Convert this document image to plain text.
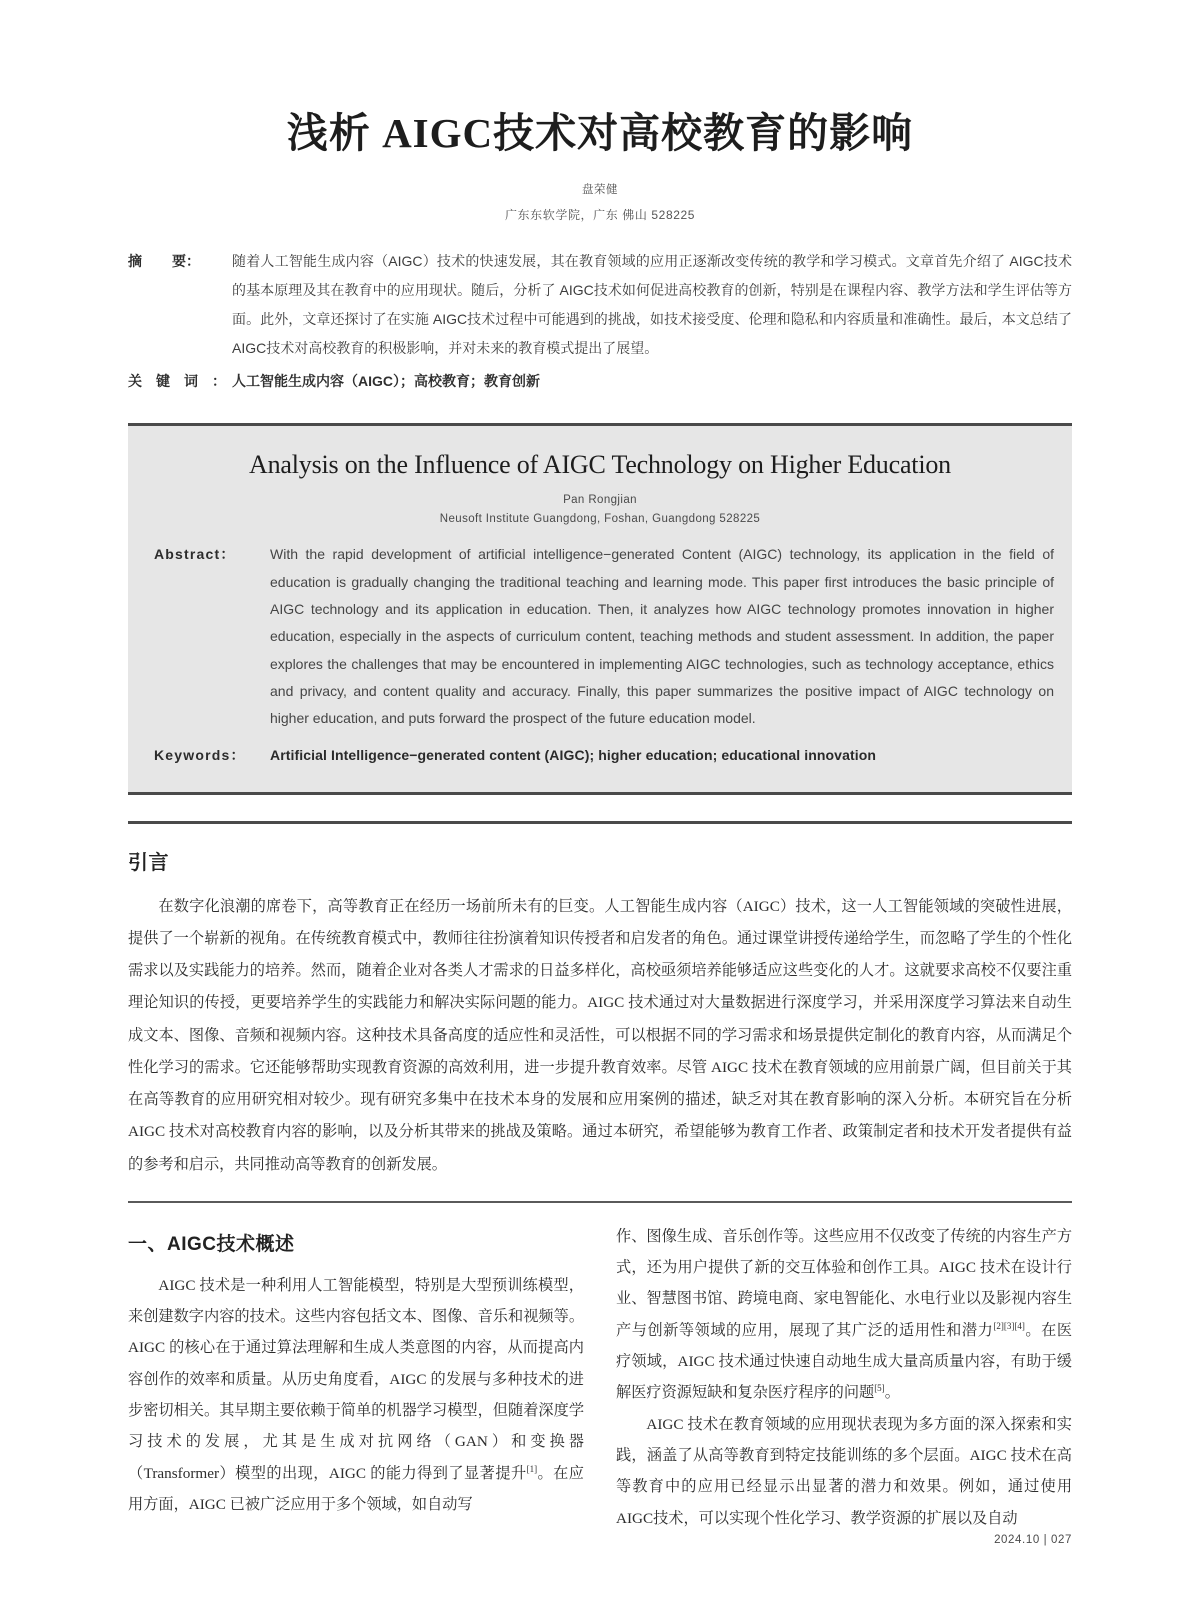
浅析 AIGC技术对高校教育的影响
盘荣健
广东东软学院，广东 佛山 528225
摘 要：	随着人工智能生成内容（AIGC）技术的快速发展，其在教育领域的应用正逐渐改变传统的教学和学习模式。文章首先介绍了 AIGC技术的基本原理及其在教育中的应用现状。随后，分析了 AIGC技术如何促进高校教育的创新，特别是在课程内容、教学方法和学生评估等方面。此外，文章还探讨了在实施 AIGC技术过程中可能遇到的挑战，如技术接受度、伦理和隐私和内容质量和准确性。最后，本文总结了 AIGC技术对高校教育的积极影响，并对未来的教育模式提出了展望。
关　键　词　： 人工智能生成内容（AIGC）；高校教育；教育创新
Analysis on the Influence of AIGC Technology on Higher Education
Pan Rongjian
Neusoft Institute Guangdong, Foshan, Guangdong 528225
Abstract：	With the rapid development of artificial intelligence−generated Content (AIGC) technology, its application in the field of education is gradually changing the traditional teaching and learning mode. This paper first introduces the basic principle of AIGC technology and its application in education. Then, it analyzes how AIGC technology promotes innovation in higher education, especially in the aspects of curriculum content, teaching methods and student assessment. In addition, the paper explores the challenges that may be encountered in implementing AIGC technologies, such as technology acceptance, ethics and privacy, and content quality and accuracy. Finally, this paper summarizes the positive impact of AIGC technology on higher education, and puts forward the prospect of the future education model.
Keywords：	Artificial Intelligence−generated content (AIGC); higher education; educational innovation
引言
在数字化浪潮的席卷下，高等教育正在经历一场前所未有的巨变。人工智能生成内容（AIGC）技术，这一人工智能领域的突破性进展，提供了一个崭新的视角。在传统教育模式中，教师往往扮演着知识传授者和启发者的角色。通过课堂讲授传递给学生，而忽略了学生的个性化需求以及实践能力的培养。然而，随着企业对各类人才需求的日益多样化，高校亟须培养能够适应这些变化的人才。这就要求高校不仅要注重理论知识的传授，更要培养学生的实践能力和解决实际问题的能力。AIGC 技术通过对大量数据进行深度学习，并采用深度学习算法来自动生成文本、图像、音频和视频内容。这种技术具备高度的适应性和灵活性，可以根据不同的学习需求和场景提供定制化的教育内容，从而满足个性化学习的需求。它还能够帮助实现教育资源的高效利用，进一步提升教育效率。尽管 AIGC 技术在教育领域的应用前景广阔，但目前关于其在高等教育的应用研究相对较少。现有研究多集中在技术本身的发展和应用案例的描述，缺乏对其在教育影响的深入分析。本研究旨在分析 AIGC 技术对高校教育内容的影响，以及分析其带来的挑战及策略。通过本研究，希望能够为教育工作者、政策制定者和技术开发者提供有益的参考和启示，共同推动高等教育的创新发展。
一、AIGC技术概述

AIGC 技术是一种利用人工智能模型，特别是大型预训练模型，来创建数字内容的技术。这些内容包括文本、图像、音乐和视频等。AIGC 的核心在于通过算法理解和生成人类意图的内容，从而提高内容创作的效率和质量。从历史角度看，AIGC 的发展与多种技术的进步密切相关。其早期主要依赖于简单的机器学习模型，但随着深度学习技术的发展，尤其是生成对抗网络（GAN）和变换器（Transformer）模型的出现，AIGC 的能力得到了显著提升[1]。在应用方面，AIGC 已被广泛应用于多个领域，如自动写

作、图像生成、音乐创作等。这些应用不仅改变了传统的内容生产方式，还为用户提供了新的交互体验和创作工具。AIGC 技术在设计行业、智慧图书馆、跨境电商、家电智能化、水电行业以及影视内容生产与创新等领域的应用，展现了其广泛的适用性和潜力[2][3][4]。在医疗领域，AIGC 技术通过快速自动地生成大量高质量内容，有助于缓解医疗资源短缺和复杂医疗程序的问题[5]。

AIGC 技术在教育领域的应用现状表现为多方面的深入探索和实践，涵盖了从高等教育到特定技能训练的多个层面。AIGC 技术在高等教育中的应用已经显示出显著的潜力和效果。例如，通过使用 AIGC技术，可以实现个性化学习、教学资源的扩展以及自动

2024.10 | 027
